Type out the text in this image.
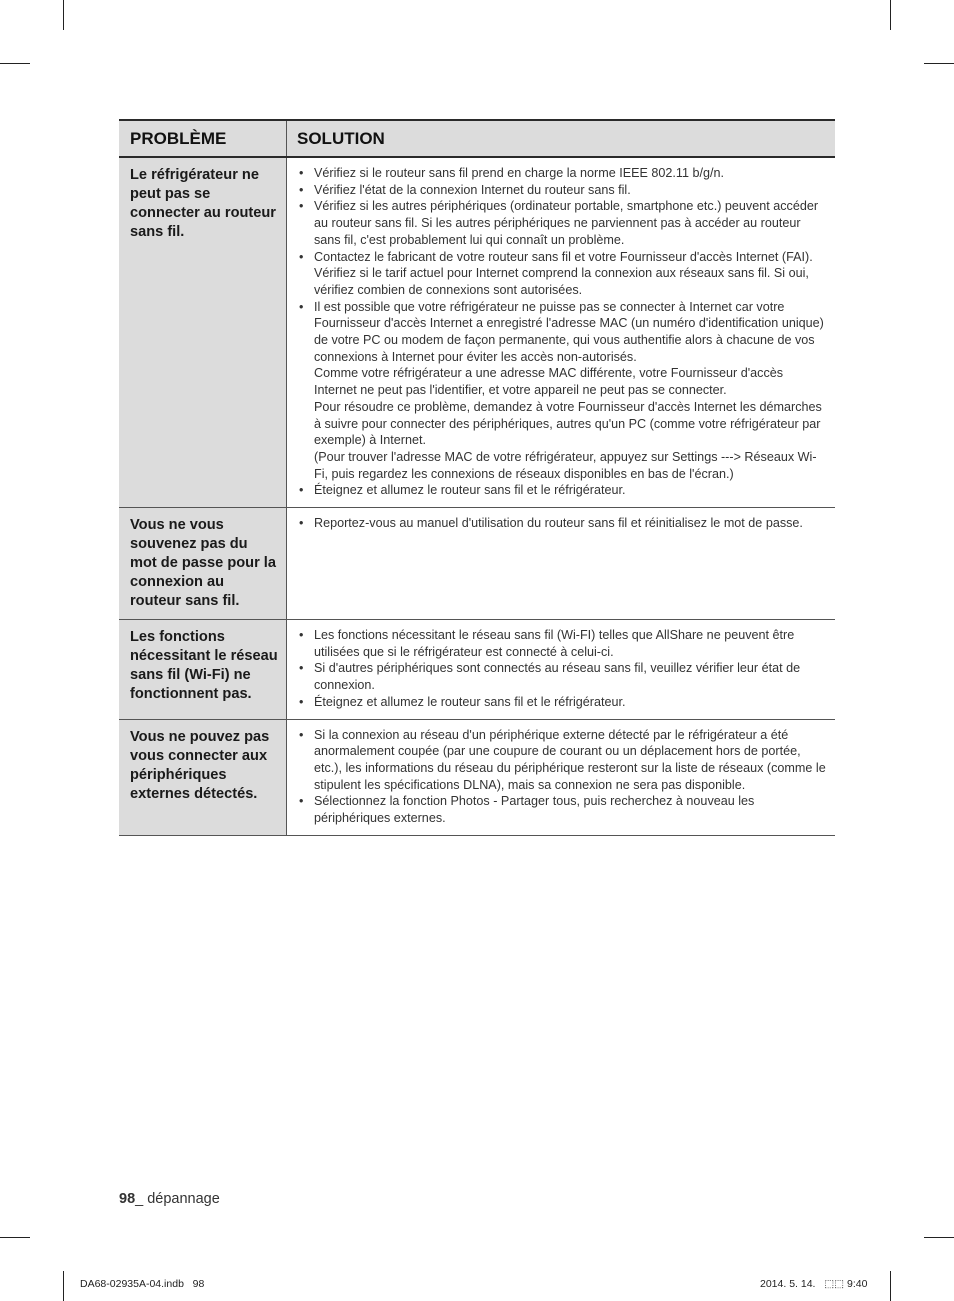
PROBLÈME	SOLUTION
Le réfrigérateur ne peut pas se connecter au routeur sans fil.
• Vérifiez si le routeur sans fil prend en charge la norme IEEE 802.11 b/g/n.
• Vérifiez l'état de la connexion Internet du routeur sans fil.
• Vérifiez si les autres périphériques (ordinateur portable, smartphone etc.) peuvent accéder au routeur sans fil. Si les autres périphériques ne parviennent pas à accéder au routeur sans fil, c'est probablement lui qui connaît un problème.
• Contactez le fabricant de votre routeur sans fil et votre Fournisseur d'accès Internet (FAI). Vérifiez si le tarif actuel pour Internet comprend la connexion aux réseaux sans fil. Si oui, vérifiez combien de connexions sont autorisées.
• Il est possible que votre réfrigérateur ne puisse pas se connecter à Internet car votre Fournisseur d'accès Internet a enregistré l'adresse MAC (un numéro d'identification unique) de votre PC ou modem de façon permanente, qui vous authentifie alors à chacune de vos connexions à Internet pour éviter les accès non-autorisés.
Comme votre réfrigérateur a une adresse MAC différente, votre Fournisseur d'accès Internet ne peut pas l'identifier, et votre appareil ne peut pas se connecter.
Pour résoudre ce problème, demandez à votre Fournisseur d'accès Internet les démarches à suivre pour connecter des périphériques, autres qu'un PC (comme votre réfrigérateur par exemple) à Internet.
(Pour trouver l'adresse MAC de votre réfrigérateur, appuyez sur Settings ---> Réseaux Wi-Fi, puis regardez les connexions de réseaux disponibles en bas de l'écran.)
• Éteignez et allumez le routeur sans fil et le réfrigérateur.
Vous ne vous souvenez pas du mot de passe pour la connexion au routeur sans fil.
• Reportez-vous au manuel d'utilisation du routeur sans fil et réinitialisez le mot de passe.
Les fonctions nécessitant le réseau sans fil (Wi-Fi) ne fonctionnent pas.
• Les fonctions nécessitant le réseau sans fil (Wi-FI) telles que AllShare ne peuvent être utilisées que si le réfrigérateur est connecté à celui-ci.
• Si d'autres périphériques sont connectés au réseau sans fil, veuillez vérifier leur état de connexion.
• Éteignez et allumez le routeur sans fil et le réfrigérateur.
Vous ne pouvez pas vous connecter aux périphériques externes détectés.
• Si la connexion au réseau d'un périphérique externe détecté par le réfrigérateur a été anormalement coupée (par une coupure de courant ou un déplacement hors de portée, etc.), les informations du réseau du périphérique resteront sur la liste de réseaux (comme le stipulent les spécifications DLNA), mais sa connexion ne sera pas disponible.
• Sélectionnez la fonction Photos - Partager tous, puis recherchez à nouveau les périphériques externes.
98_ dépannage
DA68-02935A-04.indb   98	2014. 5. 14.   ⬚⬚ 9:40
